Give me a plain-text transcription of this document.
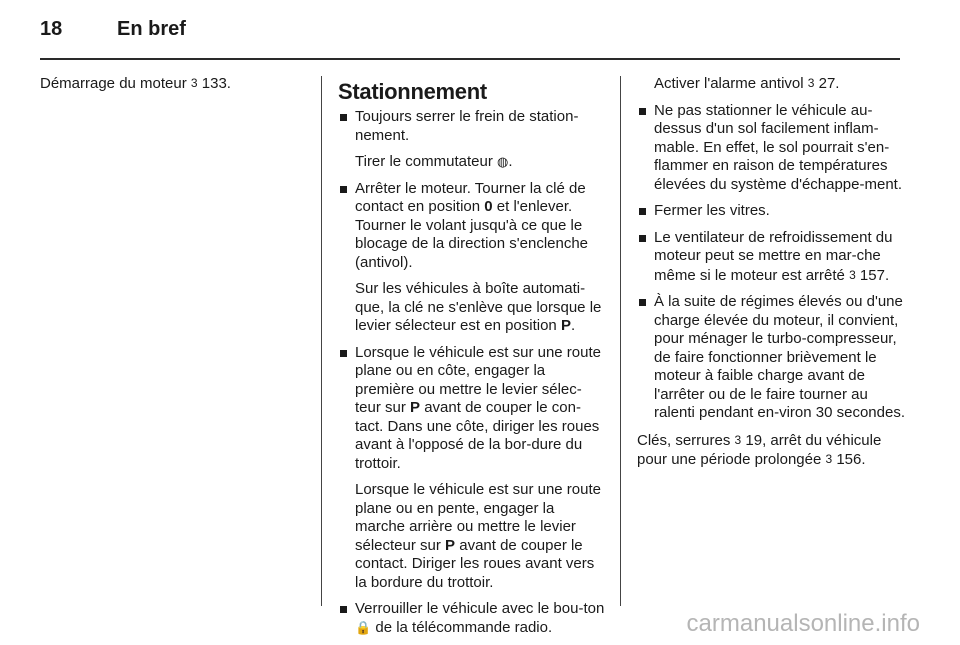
18	En bref

Démarrage du moteur 3 133.	Stationnement
Toujours serrer le frein de station-nement.
Tirer le commutateur ◍.
Arrêter le moteur. Tourner la clé de contact en position 0 et l'enlever. Tourner le volant jusqu'à ce que le blocage de la direction s'enclenche (antivol).
Sur les véhicules à boîte automati-que, la clé ne s'enlève que lorsque le levier sélecteur est en position P.
Lorsque le véhicule est sur une route plane ou en côte, engager la première ou mettre le levier sélec-teur sur P avant de couper le con-tact. Dans une côte, diriger les roues avant à l'opposé de la bor-dure du trottoir.
Lorsque le véhicule est sur une route plane ou en pente, engager la marche arrière ou mettre le levier sélecteur sur P avant de couper le contact. Diriger les roues avant vers la bordure du trottoir.
Verrouiller le véhicule avec le bou-ton 🔒 de la télécommande radio.

Activer l'alarme antivol 3 27.

Ne pas stationner le véhicule au-dessus d'un sol facilement inflam-mable. En effet, le sol pourrait s'en-flammer en raison de températures élevées du système d'échappe-ment.
Fermer les vitres.
Le ventilateur de refroidissement du moteur peut se mettre en mar-che même si le moteur est arrêté 3 157.
À la suite de régimes élevés ou d'une charge élevée du moteur, il convient, pour ménager le turbo-compresseur, de faire fonctionner brièvement le moteur à faible charge avant de l'arrêter ou de le faire tourner au ralenti pendant en-viron 30 secondes.

Clés, serrures 3 19, arrêt du véhicule pour une période prolongée 3 156.

carmanualsonline.info
